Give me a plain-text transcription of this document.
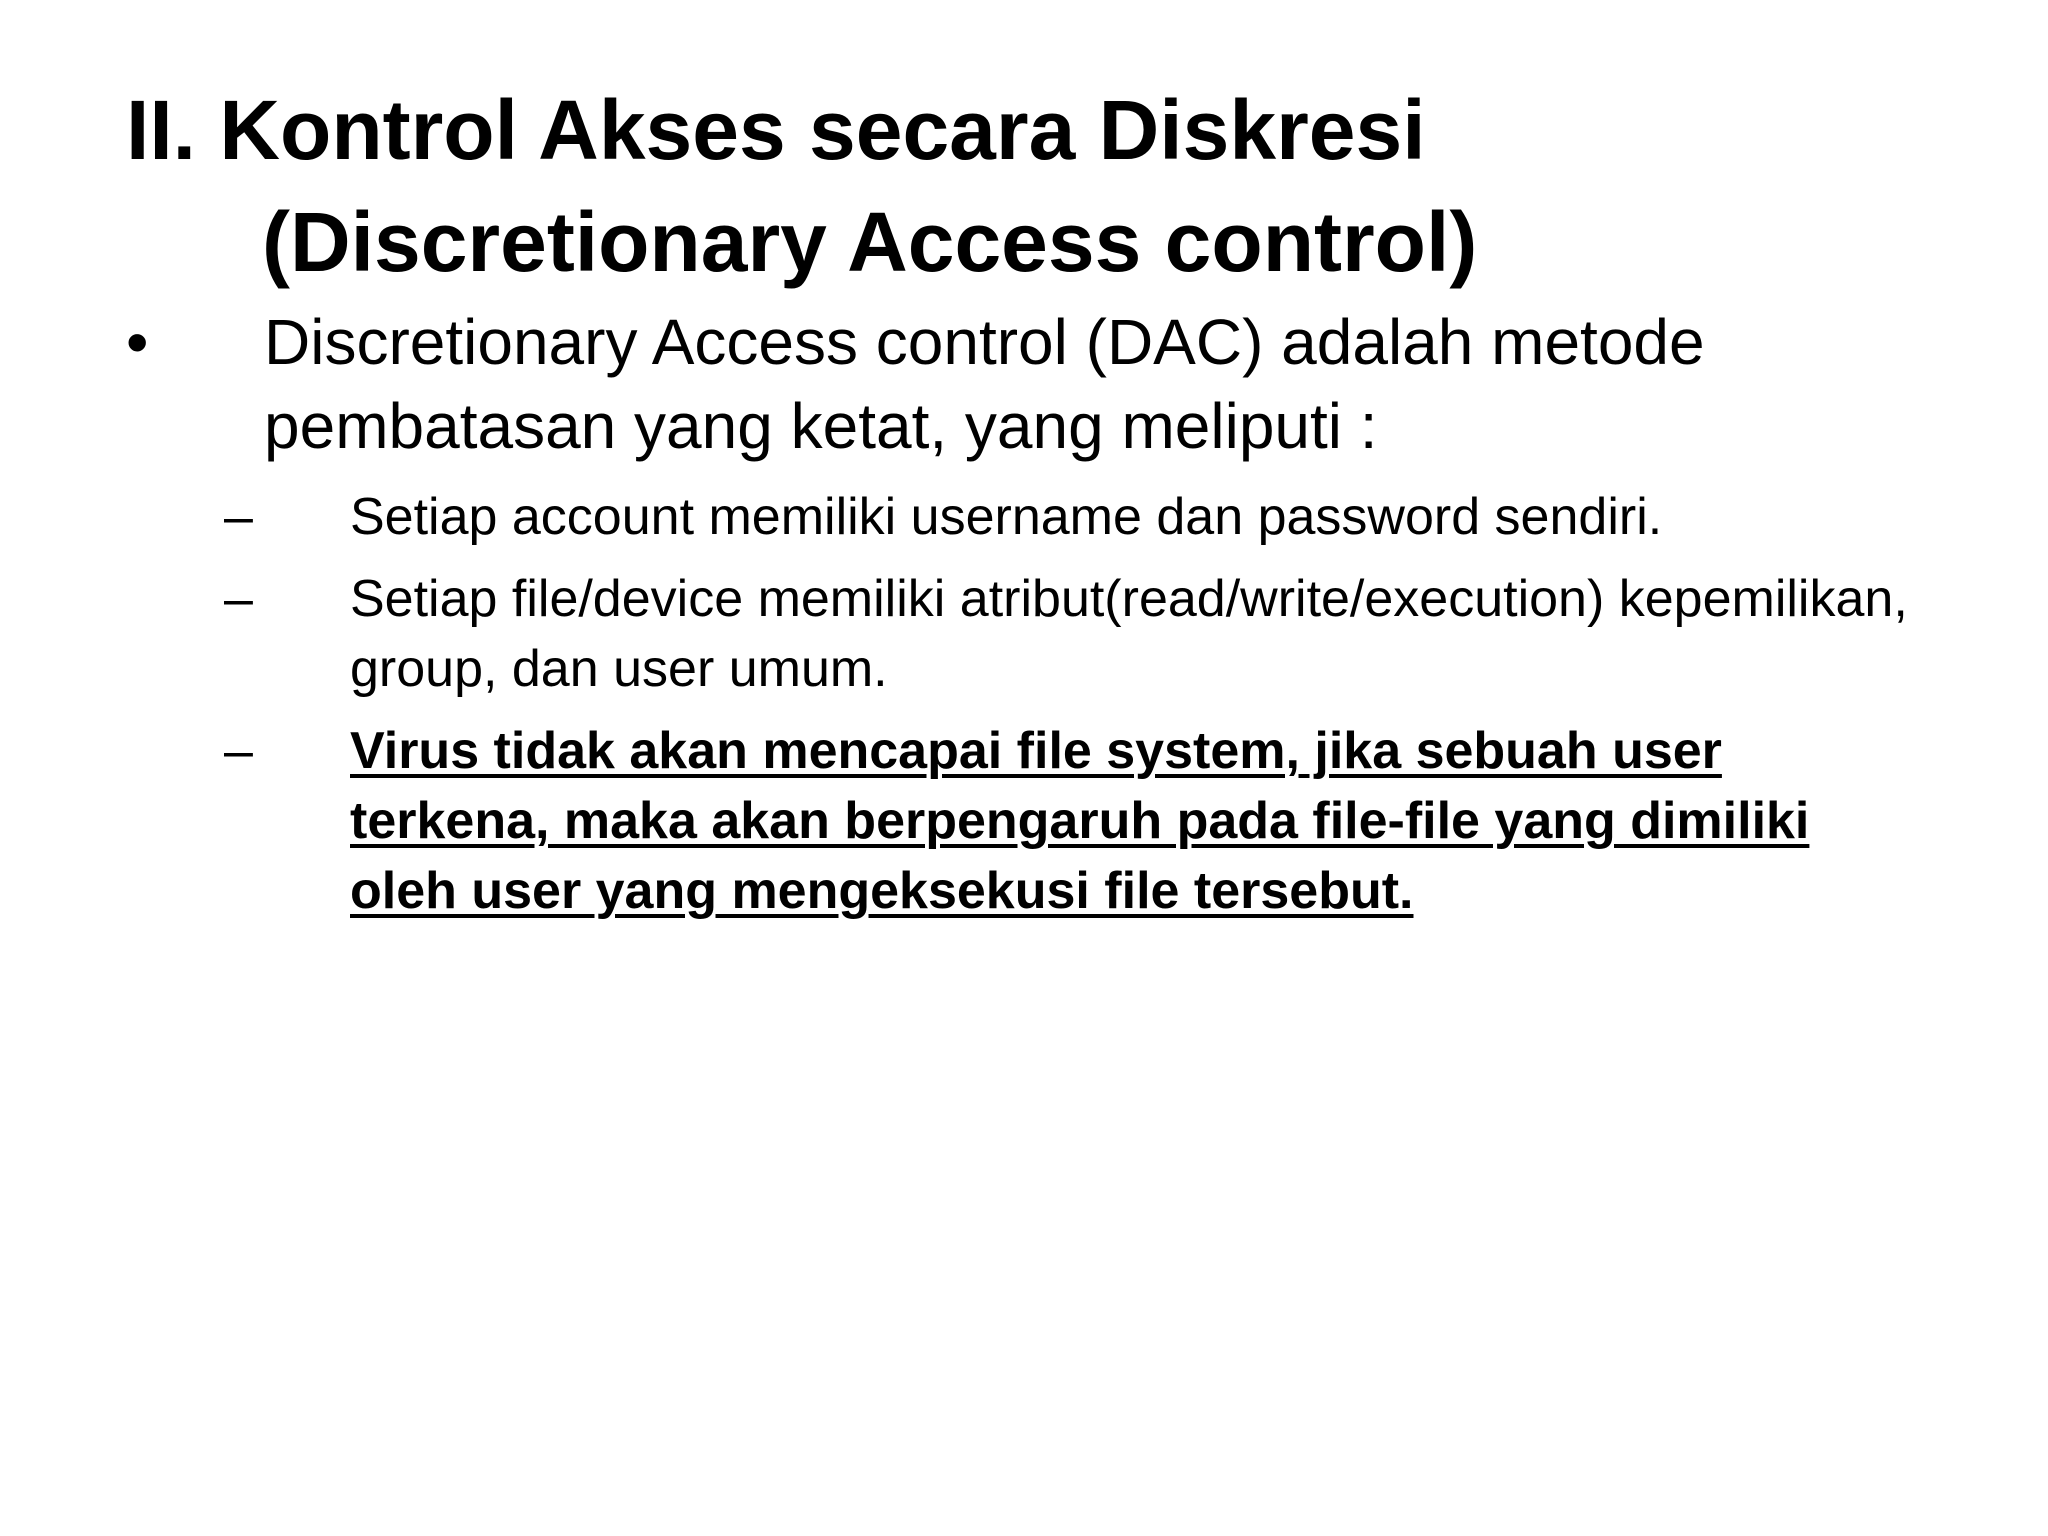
II. Kontrol Akses secara Diskresi
(Discretionary Access control)
•	Discretionary Access control (DAC) adalah metode pembatasan yang ketat, yang meliputi :
–	Setiap account memiliki username dan password sendiri.
–	Setiap file/device memiliki atribut(read/write/execution) kepemilikan, group, dan user umum.
–	Virus tidak akan mencapai file system, jika sebuah user terkena, maka akan berpengaruh pada file-file yang dimiliki oleh user yang mengeksekusi file tersebut.
